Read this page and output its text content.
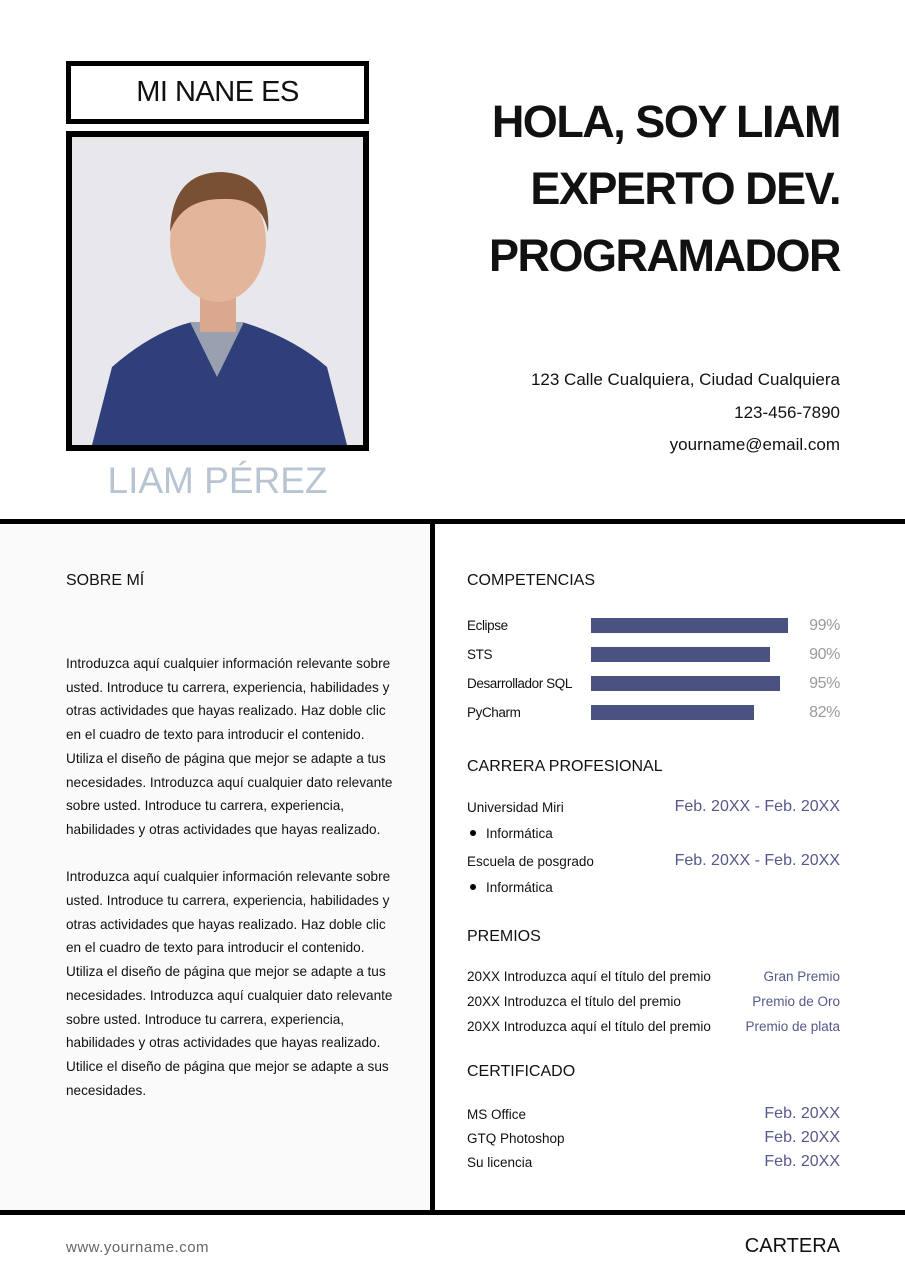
MI NANE ES
LIAM PÉREZ
HOLA, SOY LIAM
EXPERTO DEV.
PROGRAMADOR
123 Calle Cualquiera, Ciudad Cualquiera
123-456-7890
yourname@email.com
SOBRE MÍ

Introduzca aquí cualquier información relevante sobre usted. Introduce tu carrera, experiencia, habilidades y otras actividades que hayas realizado. Haz doble clic en el cuadro de texto para introducir el contenido. Utiliza el diseño de página que mejor se adapte a tus necesidades. Introduzca aquí cualquier dato relevante sobre usted. Introduce tu carrera, experiencia, habilidades y otras actividades que hayas realizado.

Introduzca aquí cualquier información relevante sobre usted. Introduce tu carrera, experiencia, habilidades y otras actividades que hayas realizado. Haz doble clic en el cuadro de texto para introducir el contenido. Utiliza el diseño de página que mejor se adapte a tus necesidades. Introduzca aquí cualquier dato relevante sobre usted. Introduce tu carrera, experiencia, habilidades y otras actividades que hayas realizado. Utilice el diseño de página que mejor se adapte a sus necesidades.

COMPETENCIAS
Eclipse	99%
STS	90%
Desarrollador SQL	95%
PyCharm	82%
CARRERA PROFESIONAL
Universidad Miri	Feb. 20XX - Feb. 20XX
Informática
Escuela de posgrado	Feb. 20XX - Feb. 20XX
Informática
PREMIOS
20XX Introduzca aquí el título del premio	Gran Premio
20XX Introduzca el título del premio	Premio de Oro
20XX Introduzca aquí el título del premio	Premio de plata
CERTIFICADO
MS Office	Feb. 20XX
GTQ Photoshop	Feb. 20XX
Su licencia	Feb. 20XX
www.yourname.com	CARTERA
